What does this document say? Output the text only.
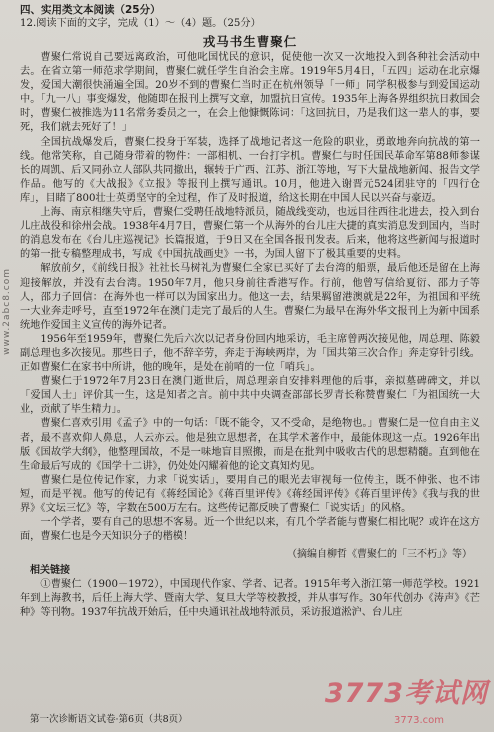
四、实用类文本阅读（25分）

12.阅读下面的文字，完成（1）～（4）题。（25分）

戎马书生曹聚仁

曹聚仁常说自己要远离政治，可他叱国忧民的意识，促使他一次又一次地投入到各种社会活动中去。在省立第一师范求学期间，曹聚仁就任学生自治会主席。1919年5月4日，「五四」运动在北京爆发，爱国大潮很快涌遍全国。20岁不到的曹聚仁当时正在杭州领导「一师」同学积极参与到爱国运动中。「九一八」事变爆发，他随即在报刊上撰写文章，加盟抗日宣传。1935年上海各界组织抗日救国会时，曹聚仁被推选为11名常务委员之一，在会上他慷慨陈词：「这回抗日，乃是我们这一辈人的事，要死，我们就去死好了！」

全国抗战爆发后，曹聚仁投身于军装，选择了战地记者这一危险的职业，勇敢地奔向抗战的第一线。他常笑称，自己随身带着的物件：一部相机、一台打字机。曹聚仁与时任国民革命军第88师参谋长的周凯、后又同孙立人部队共同撤出，辗转于广西、江苏、浙江等地，写下大量战地新闻、报告文学作品。他写的《大战报》《立报》等报刊上撰写通讯。10月，他进入谢晋元524团驻守的「四行仓库」，目睹了800壮士英勇坚守的全过程，作了及时报道，给这长期在中国人民以兴奋与豪迈。

上海、南京相继失守后，曹聚仁受聘任战地特派员，随战线变动，也远目往西往北进去，投入到台儿庄战役和徐州会战。1938年4月7日，曹聚仁第一个从海外的台儿庄大捷的真实消息发到国内，当时的消息发布在《台儿庄巡视记》长篇报道，于9日又在全国各报刊发表。后来，他将这些新闻与报道时的第一批专稿整理成书，写成《中国抗战画史》一书，为国人留下了极其重要的史料。

解放前夕，《前线日报》社社长马树礼为曹聚仁全家已买好了去台湾的船票，最后他还是留在上海迎接解放，并没有去台湾。1950年7月，他只身前往香港写作。行前，他曾写信给夏衍、邵力子等人，邵力子回信：在海外也一样可以为国家出力。他这一去，结果羁留港澳就是22年，为祖国和平统一大业奔走呼号，直至1972年在澳门走完了最后的人生。曹聚仁为最早在海外华文报刊上为新中国系统地作爱国主义宣传的海外记者。

1956年至1959年，曹聚仁先后六次以记者身份回内地采访，毛主席曾两次接见他，周总理、陈毅副总理也多次接见。那些日子，他不辞辛劳，奔走于海峡两岸，为「国共第三次合作」奔走穿针引线。正如曹聚仁在家书中所讲，他的晚年，是处在前哨的一位「哨兵」。

曹聚仁于1972年7月23日在澳门逝世后，周总理亲自安排料理他的后事，亲拟墓碑碑文，并以「爱国人士」评价其一生，这是知者之言。前中共中央调查部部长罗青长称赞曹聚仁「为祖国统一大业，贡献了毕生精力」。

曹聚仁喜欢引用《孟子》中的一句话：「既不能令，又不受命，是绝物也。」曹聚仁是一位自由主义者，最不喜欢仰人鼻息，人云亦云。他是独立思想者，在其学术著作中，最能体现这一点。1926年出版《国故学大纲》，他整理国故，不是一味地盲目照搬，而是在批判中吸收古代的思想精髓。直到他在生命最后写成的《国学十二讲》，仍处处闪耀着他的论文真知灼见。

曹聚仁是位传记作家，力求「说实话」，要用自己的眼光去审视每一位传主，既不伸张、也不讳短，而是平视。他写的传记有《蒋经国论》《蒋百里评传》《蒋经国评传》《蒋百里评传》《我与我的世界》《文坛三忆》等，字数在500万左右。这些传记都反映了曹聚仁「说实话」的风格。

一个学者，要有自己的思想不客易。近一个世纪以来，有几个学者能与曹聚仁相比呢？或许在这方面，曹聚仁也是今天知识分子的楷模！

（摘编自柳哲《曹聚仁的「三不朽」》等）

相关链接

①曹聚仁（1900－1972），中国现代作家、学者、记者。1915年考入浙江第一师范学校。1921年到上海教书，后任上海大学、暨南大学、复旦大学等校教授，并从事写作。30年代创办《涛声》《芒种》等刊物。1937年抗战开始后，任中央通讯社战地特派员，采访报道淞沪、台儿庄

第一次诊断语文试卷·第6页（共8页）
www.2abc8.com
3773考试网
3773.com
